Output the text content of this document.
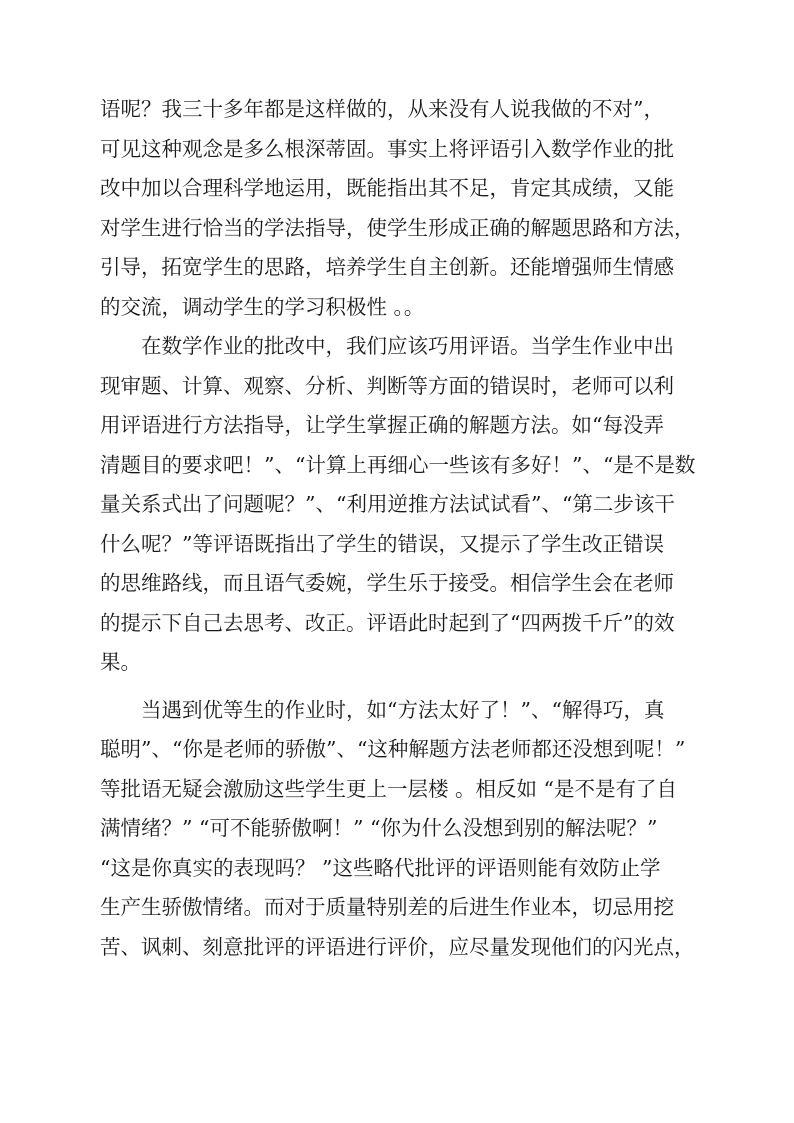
语呢？我三十多年都是这样做的，从来没有人说我做的不对”，
可见这种观念是多么根深蒂固。事实上将评语引入数学作业的批
改中加以合理科学地运用，既能指出其不足，肯定其成绩，又能
对学生进行恰当的学法指导，使学生形成正确的解题思路和方法，
引导，拓宽学生的思路，培养学生自主创新。还能增强师生情感
的交流，调动学生的学习积极性 。。
　　在数学作业的批改中，我们应该巧用评语。当学生作业中出
现审题、计算、观察、分析、判断等方面的错误时，老师可以利
用评语进行方法指导，让学生掌握正确的解题方法。如“每没弄
清题目的要求吧！”、“计算上再细心一些该有多好！”、“是不是数
量关系式出了问题呢？”、“利用逆推方法试试看”、“第二步该干
什么呢？”等评语既指出了学生的错误，又提示了学生改正错误
的思维路线，而且语气委婉，学生乐于接受。相信学生会在老师
的提示下自己去思考、改正。评语此时起到了“四两拨千斤”的效
果。
　　当遇到优等生的作业时，如“方法太好了！”、“解得巧，真
聪明”、“你是老师的骄傲”、“这种解题方法老师都还没想到呢！”
等批语无疑会激励这些学生更上一层楼 。相反如 “是不是有了自
满情绪？” “可不能骄傲啊！” “你为什么没想到别的解法呢？”
“这是你真实的表现吗？ ”这些略代批评的评语则能有效防止学
生产生骄傲情绪。而对于质量特别差的后进生作业本，切忌用挖
苦、讽刺、刻意批评的评语进行评价，应尽量发现他们的闪光点，
